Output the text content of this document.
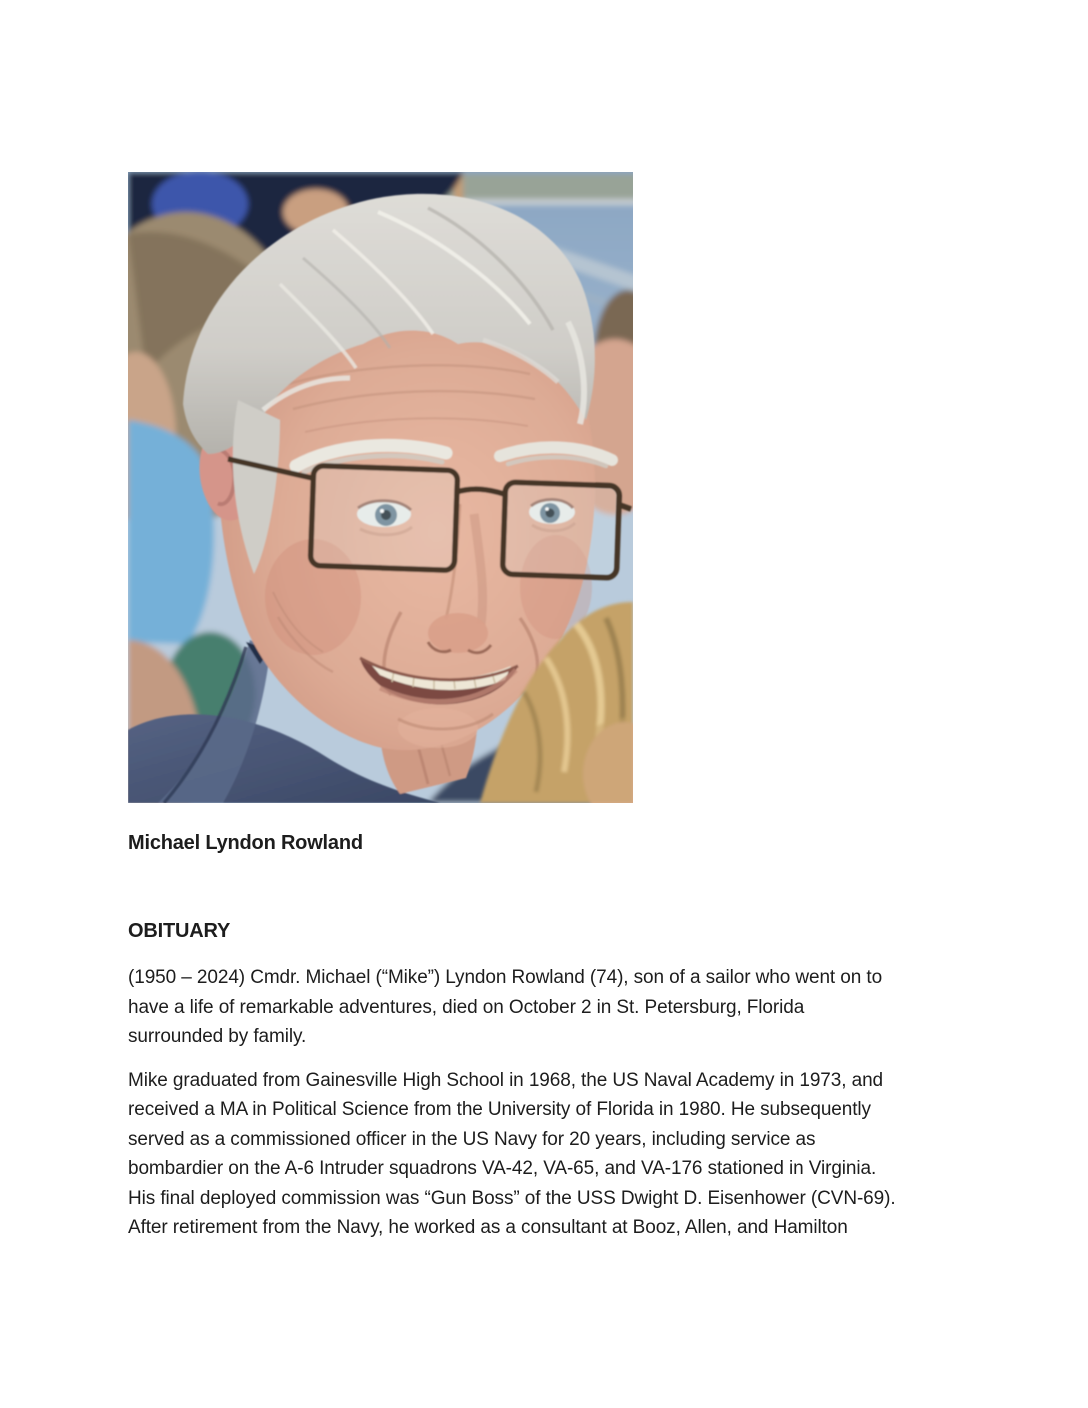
Michael Lyndon Rowland

OBITUARY

(1950 – 2024) Cmdr. Michael (“Mike”) Lyndon Rowland (74), son of a sailor who went on to
have a life of remarkable adventures, died on October 2 in St. Petersburg, Florida
surrounded by family.

Mike graduated from Gainesville High School in 1968, the US Naval Academy in 1973, and
received a MA in Political Science from the University of Florida in 1980. He subsequently
served as a commissioned officer in the US Navy for 20 years, including service as
bombardier on the A-6 Intruder squadrons VA-42, VA-65, and VA-176 stationed in Virginia.
His final deployed commission was “Gun Boss” of the USS Dwight D. Eisenhower (CVN-69).
After retirement from the Navy, he worked as a consultant at Booz, Allen, and Hamilton
